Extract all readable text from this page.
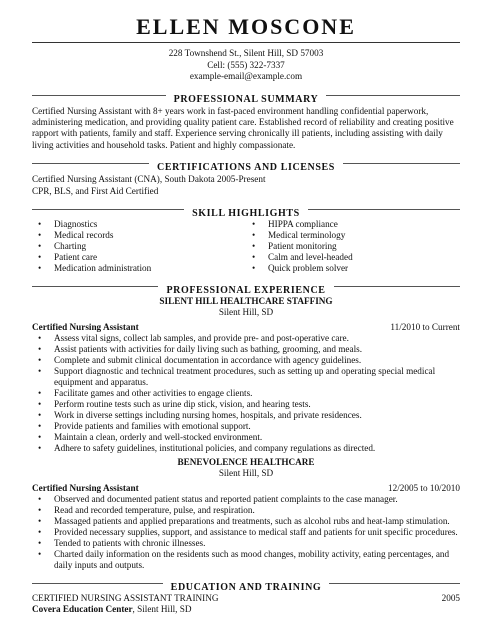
ELLEN MOSCONE
228 Townshend St., Silent Hill, SD 57003
Cell: (555) 322-7337
example-email@example.com
PROFESSIONAL SUMMARY
Certified Nursing Assistant with 8+ years work in fast-paced environment handling confidential paperwork, administering medication, and providing quality patient care. Established record of reliability and creating positive rapport with patients, family and staff. Experience serving chronically ill patients, including assisting with daily living activities and household tasks. Patient and highly compassionate.
CERTIFICATIONS AND LICENSES
Certified Nursing Assistant (CNA), South Dakota 2005-Present
CPR, BLS, and First Aid Certified
SKILL HIGHLIGHTS
• Diagnostics
• Medical records
• Charting
• Patient care
• Medication administration
• HIPPA compliance
• Medical terminology
• Patient monitoring
• Calm and level-headed
• Quick problem solver
PROFESSIONAL EXPERIENCE
SILENT HILL HEALTHCARE STAFFING
Silent Hill, SD
Certified Nursing Assistant	11/2010 to Current
• Assess vital signs, collect lab samples, and provide pre- and post-operative care.
• Assist patients with activities for daily living such as bathing, grooming, and meals.
• Complete and submit clinical documentation in accordance with agency guidelines.
• Support diagnostic and technical treatment procedures, such as setting up and operating special medical equipment and apparatus.
• Facilitate games and other activities to engage clients.
• Perform routine tests such as urine dip stick, vision, and hearing tests.
• Work in diverse settings including nursing homes, hospitals, and private residences.
• Provide patients and families with emotional support.
• Maintain a clean, orderly and well-stocked environment.
• Adhere to safety guidelines, institutional policies, and company regulations as directed.
BENEVOLENCE HEALTHCARE
Silent Hill, SD
Certified Nursing Assistant	12/2005 to 10/2010
• Observed and documented patient status and reported patient complaints to the case manager.
• Read and recorded temperature, pulse, and respiration.
• Massaged patients and applied preparations and treatments, such as alcohol rubs and heat-lamp stimulation.
• Provided necessary supplies, support, and assistance to medical staff and patients for unit specific procedures.
• Tended to patients with chronic illnesses.
• Charted daily information on the residents such as mood changes, mobility activity, eating percentages, and daily inputs and outputs.
EDUCATION AND TRAINING
CERTIFIED NURSING ASSISTANT TRAINING	2005
Covera Education Center, Silent Hill, SD
